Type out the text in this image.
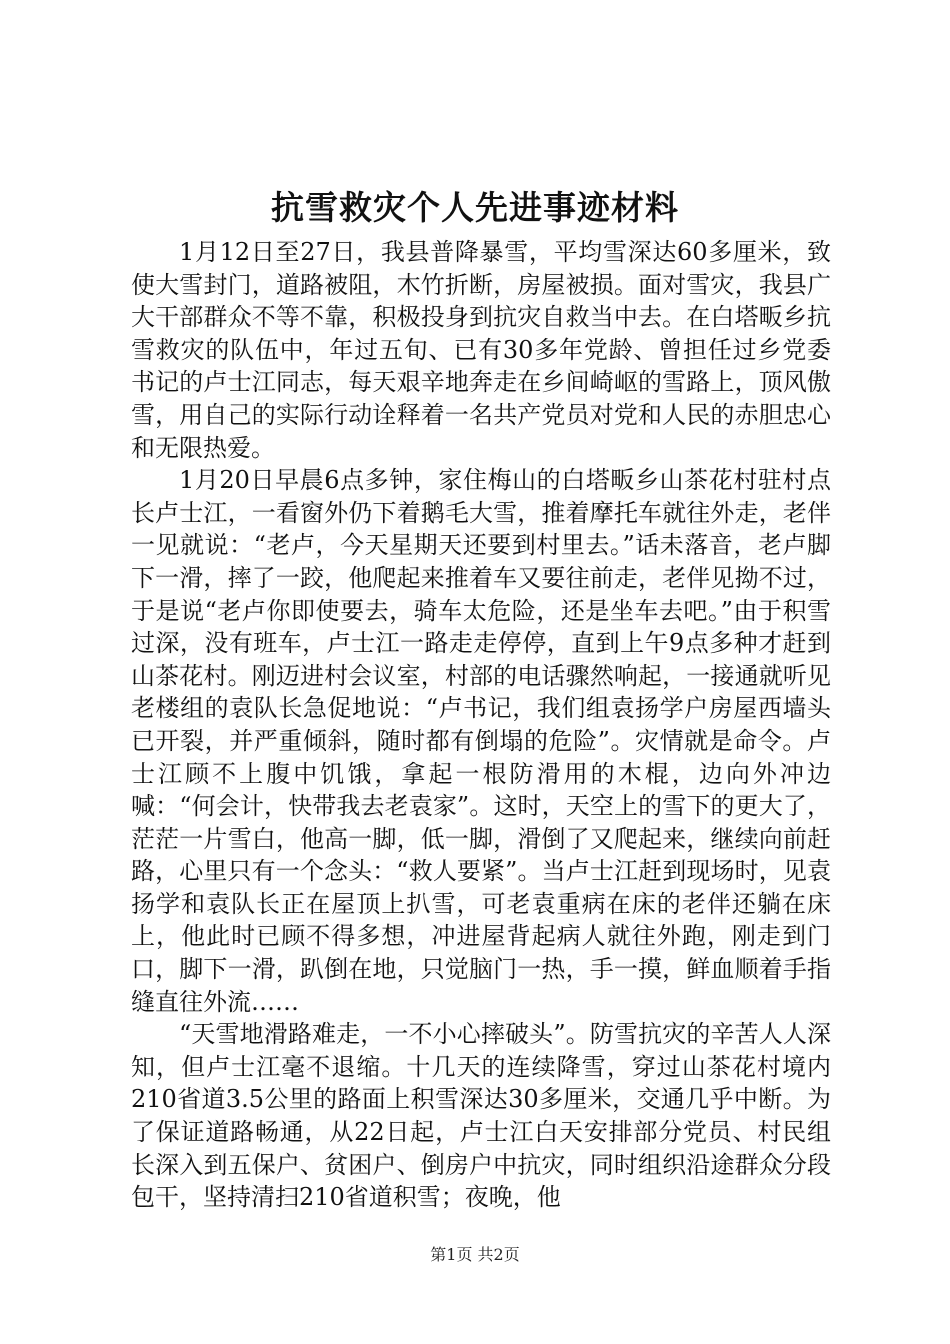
抗雪救灾个人先进事迹材料

1月12日至27日，我县普降暴雪，平均雪深达60多厘米，致使大雪封门，道路被阻，木竹折断，房屋被损。面对雪灾，我县广大干部群众不等不靠，积极投身到抗灾自救当中去。在白塔畈乡抗雪救灾的队伍中，年过五旬、已有30多年党龄、曾担任过乡党委书记的卢士江同志，每天艰辛地奔走在乡间崎岖的雪路上，顶风傲雪，用自己的实际行动诠释着一名共产党员对党和人民的赤胆忠心和无限热爱。

1月20日早晨6点多钟，家住梅山的白塔畈乡山茶花村驻村点长卢士江，一看窗外仍下着鹅毛大雪，推着摩托车就往外走，老伴一见就说：“老卢，今天星期天还要到村里去。”话未落音，老卢脚下一滑，摔了一跤，他爬起来推着车又要往前走，老伴见拗不过，于是说“老卢你即使要去，骑车太危险，还是坐车去吧。”由于积雪过深，没有班车，卢士江一路走走停停，直到上午9点多种才赶到山茶花村。刚迈进村会议室，村部的电话骤然响起，一接通就听见老楼组的袁队长急促地说：“卢书记，我们组袁扬学户房屋西墙头已开裂，并严重倾斜，随时都有倒塌的危险”。灾情就是命令。卢士江顾不上腹中饥饿，拿起一根防滑用的木棍，边向外冲边喊：“何会计，快带我去老袁家”。这时，天空上的雪下的更大了，茫茫一片雪白，他高一脚，低一脚，滑倒了又爬起来，继续向前赶路，心里只有一个念头：“救人要紧”。当卢士江赶到现场时，见袁扬学和袁队长正在屋顶上扒雪，可老袁重病在床的老伴还躺在床上，他此时已顾不得多想，冲进屋背起病人就往外跑，刚走到门口，脚下一滑，趴倒在地，只觉脑门一热，手一摸，鲜血顺着手指缝直往外流……

“天雪地滑路难走，一不小心摔破头”。防雪抗灾的辛苦人人深知，但卢士江毫不退缩。十几天的连续降雪，穿过山茶花村境内210省道3.5公里的路面上积雪深达30多厘米，交通几乎中断。为了保证道路畅通，从22日起，卢士江白天安排部分党员、村民组长深入到五保户、贫困户、倒房户中抗灾，同时组织沿途群众分段包干，坚持清扫210省道积雪；夜晚，他

第1页 共2页
